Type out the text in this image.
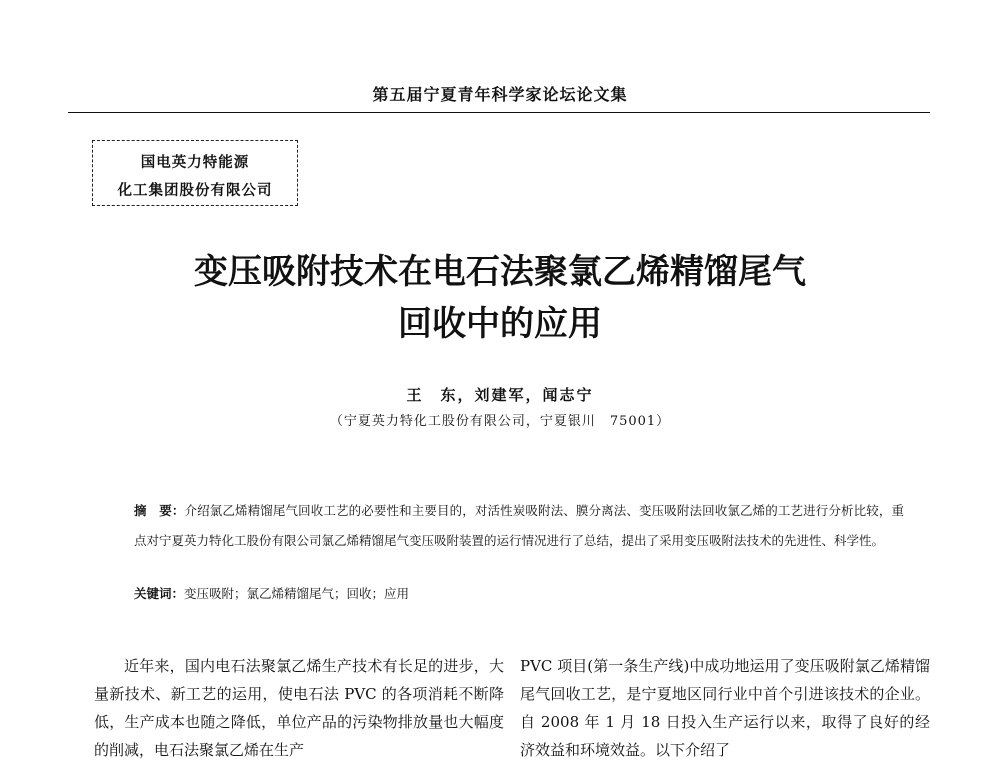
第五届宁夏青年科学家论坛论文集
国电英力特能源
化工集团股份有限公司
变压吸附技术在电石法聚氯乙烯精馏尾气
回收中的应用
王　东，刘建军，闻志宁
（宁夏英力特化工股份有限公司，宁夏银川　75001）
摘　要：介绍氯乙烯精馏尾气回收工艺的必要性和主要目的，对活性炭吸附法、膜分离法、变压吸附法回收氯乙烯的工艺进行分析比较，重点对宁夏英力特化工股份有限公司氯乙烯精馏尾气变压吸附装置的运行情况进行了总结，提出了采用变压吸附法技术的先进性、科学性。
关键词：变压吸附；氯乙烯精馏尾气；回收；应用
近年来，国内电石法聚氯乙烯生产技术有长足的进步，大量新技术、新工艺的运用，使电石法 PVC 的各项消耗不断降低，生产成本也随之降低，单位产品的污染物排放量也大幅度的削减，电石法聚氯乙烯在生产
PVC 项目(第一条生产线)中成功地运用了变压吸附氯乙烯精馏尾气回收工艺，是宁夏地区同行业中首个引进该技术的企业。自 2008 年 1 月 18 日投入生产运行以来，取得了良好的经济效益和环境效益。以下介绍了
